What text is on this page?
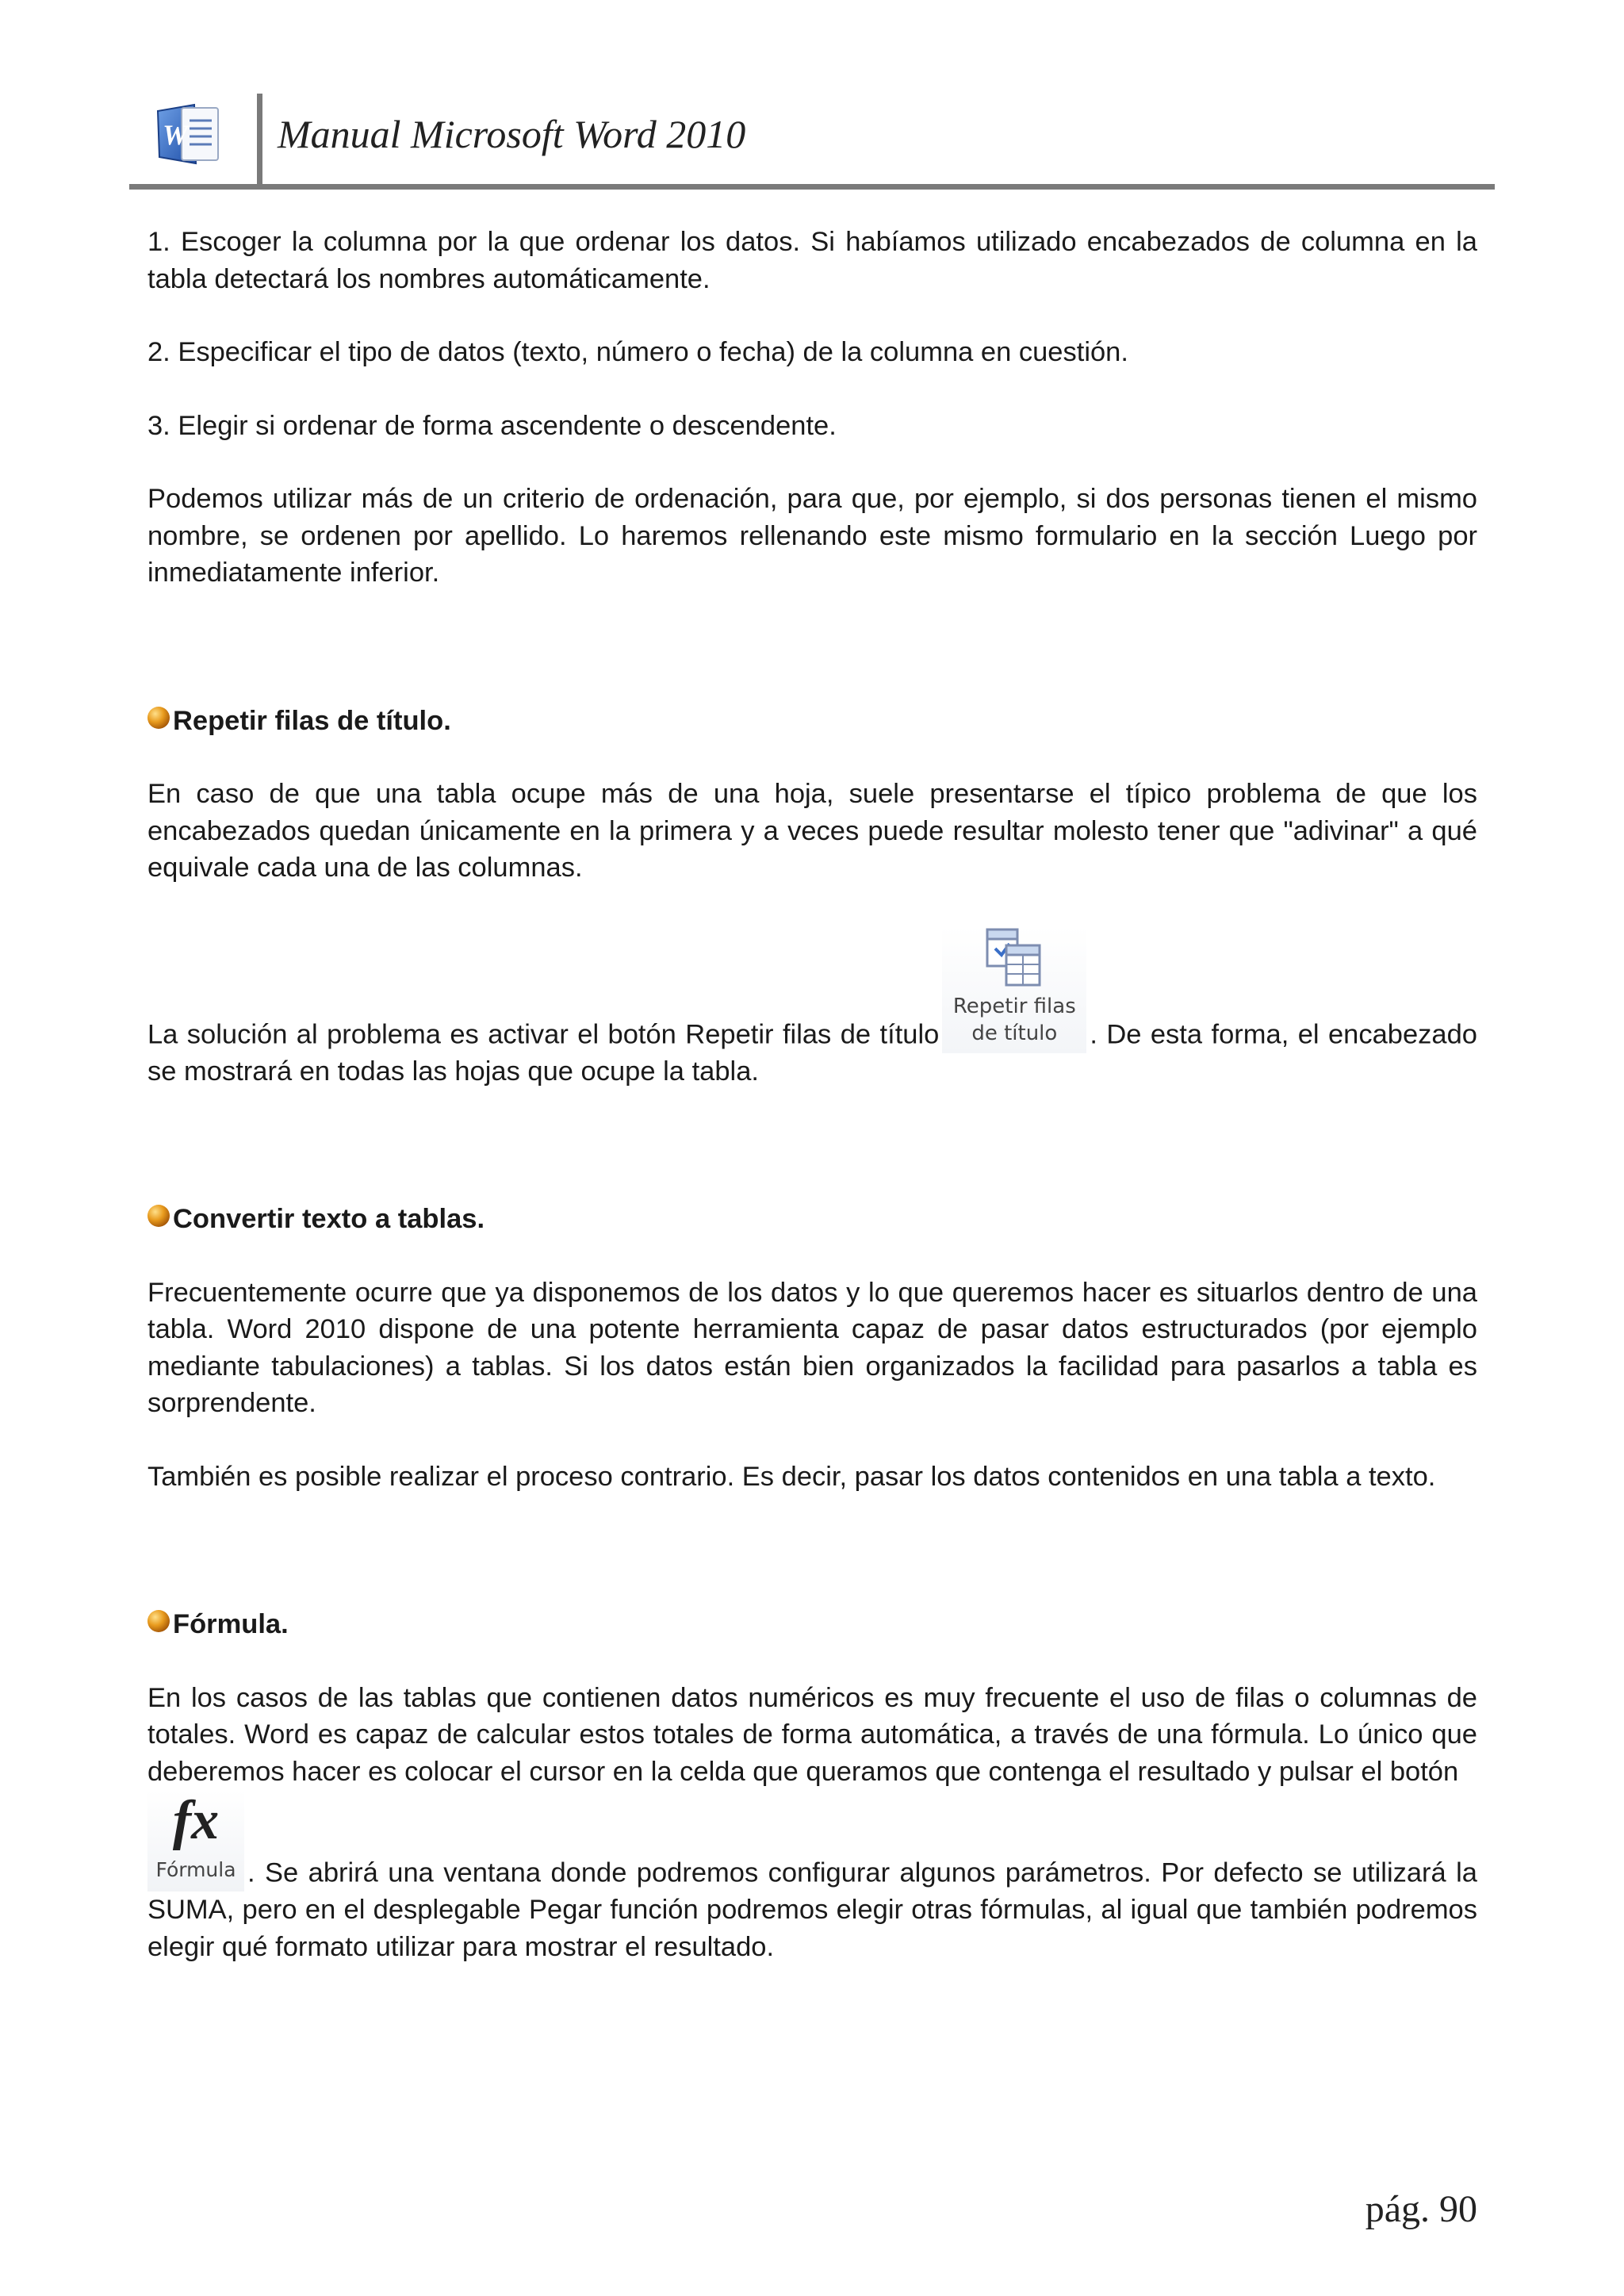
W Manual Microsoft Word 2010

1. Escoger la columna por la que ordenar los datos. Si habíamos utilizado encabezados de columna en la tabla detectará los nombres automáticamente.

2. Especificar el tipo de datos (texto, número o fecha) de la columna en cuestión.

3. Elegir si ordenar de forma ascendente o descendente.

Podemos utilizar más de un criterio de ordenación, para que, por ejemplo, si dos personas tienen el mismo nombre, se ordenen por apellido. Lo haremos rellenando este mismo formulario en la sección Luego por inmediatamente inferior.

Repetir filas de título.

En caso de que una tabla ocupe más de una hoja, suele presentarse el típico problema de que los encabezados quedan únicamente en la primera y a veces puede resultar molesto tener que "adivinar" a qué equivale cada una de las columnas.

La solución al problema es activar el botón Repetir filas de título
Repetir filas
de título	. De esta forma, el encabezado se mostrará en todas las hojas que ocupe la tabla.

Convertir texto a tablas.

Frecuentemente ocurre que ya disponemos de los datos y lo que queremos hacer es situarlos dentro de una tabla. Word 2010 dispone de una potente herramienta capaz de pasar datos estructurados (por ejemplo mediante tabulaciones) a tablas. Si los datos están bien organizados la facilidad para pasarlos a tabla es sorprendente.

También es posible realizar el proceso contrario. Es decir, pasar los datos contenidos en una tabla a texto.

Fórmula.

En los casos de las tablas que contienen datos numéricos es muy frecuente el uso de filas o columnas de totales. Word es capaz de calcular estos totales de forma automática, a través de una fórmula. Lo único que deberemos hacer es colocar el cursor en la celda que queramos que contenga el resultado y pulsar el botón

fx
Fórmula . Se abrirá una ventana donde podremos configurar algunos parámetros. Por defecto se utilizará la SUMA, pero en el desplegable Pegar función podremos elegir otras fórmulas, al igual que también podremos elegir qué formato utilizar para mostrar el resultado.

pág. 90
